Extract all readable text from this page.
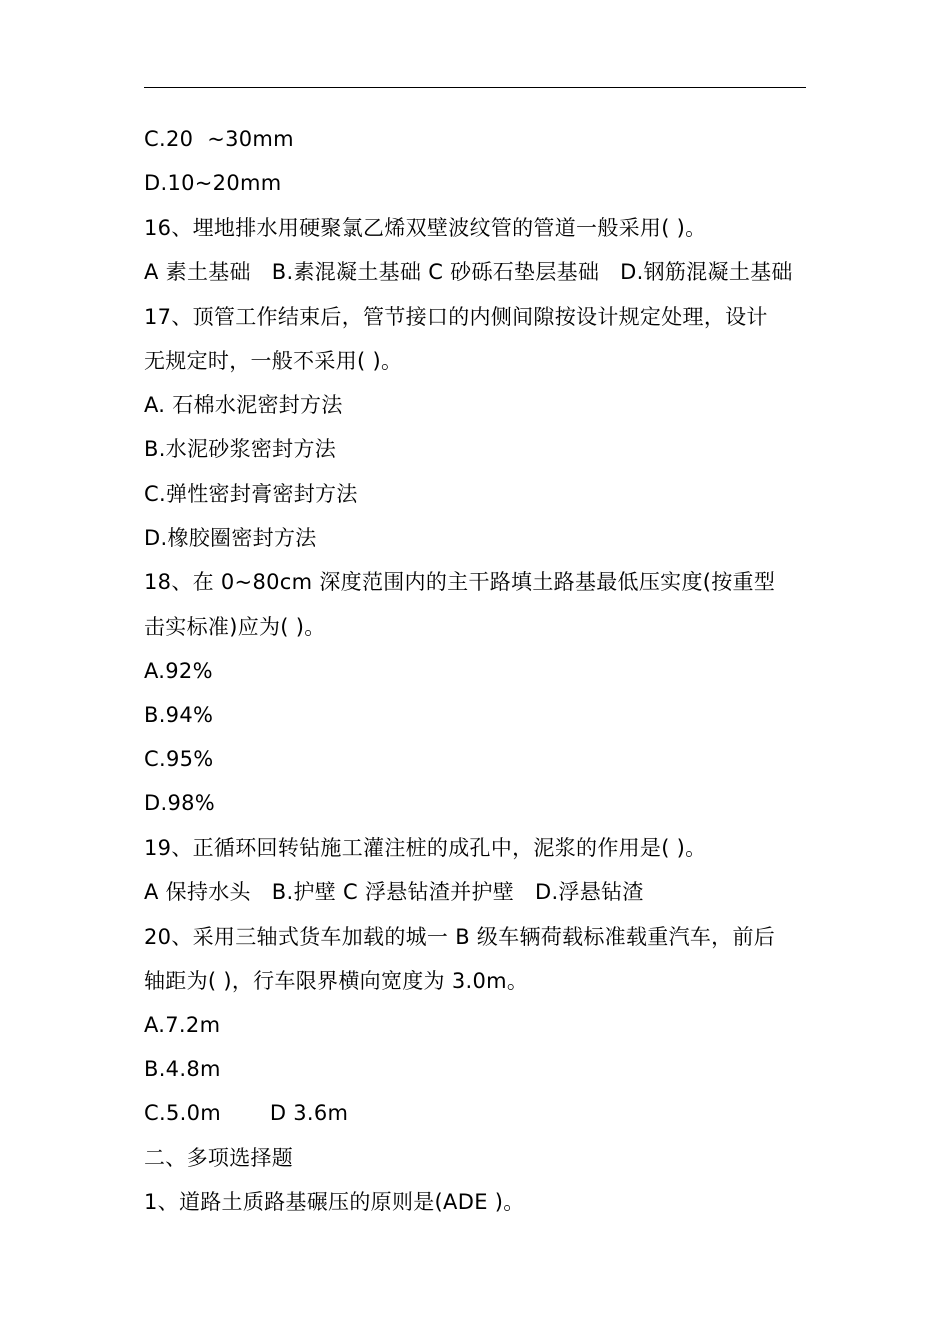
C.20  ~30mm
D.10~20mm
16、埋地排水用硬聚氯乙烯双壁波纹管的管道一般采用( )。
A 素土基础   B.素混凝土基础 C 砂砾石垫层基础   D.钢筋混凝土基础
17、顶管工作结束后，管节接口的内侧间隙按设计规定处理，设计
无规定时，一般不采用( )。
A. 石棉水泥密封方法
B.水泥砂浆密封方法
C.弹性密封膏密封方法
D.橡胶圈密封方法
18、在 0~80cm 深度范围内的主干路填土路基最低压实度(按重型
击实标准)应为( )。
A.92%
B.94%
C.95%
D.98%
19、正循环回转钻施工灌注桩的成孔中，泥浆的作用是( )。
A 保持水头   B.护壁 C 浮悬钻渣并护壁   D.浮悬钻渣
20、采用三轴式货车加载的城一 B 级车辆荷载标准载重汽车，前后
轴距为( )，行车限界横向宽度为 3.0m。
A.7.2m
B.4.8m
C.5.0m       D 3.6m
二、多项选择题
1、道路土质路基碾压的原则是(ADE )。
